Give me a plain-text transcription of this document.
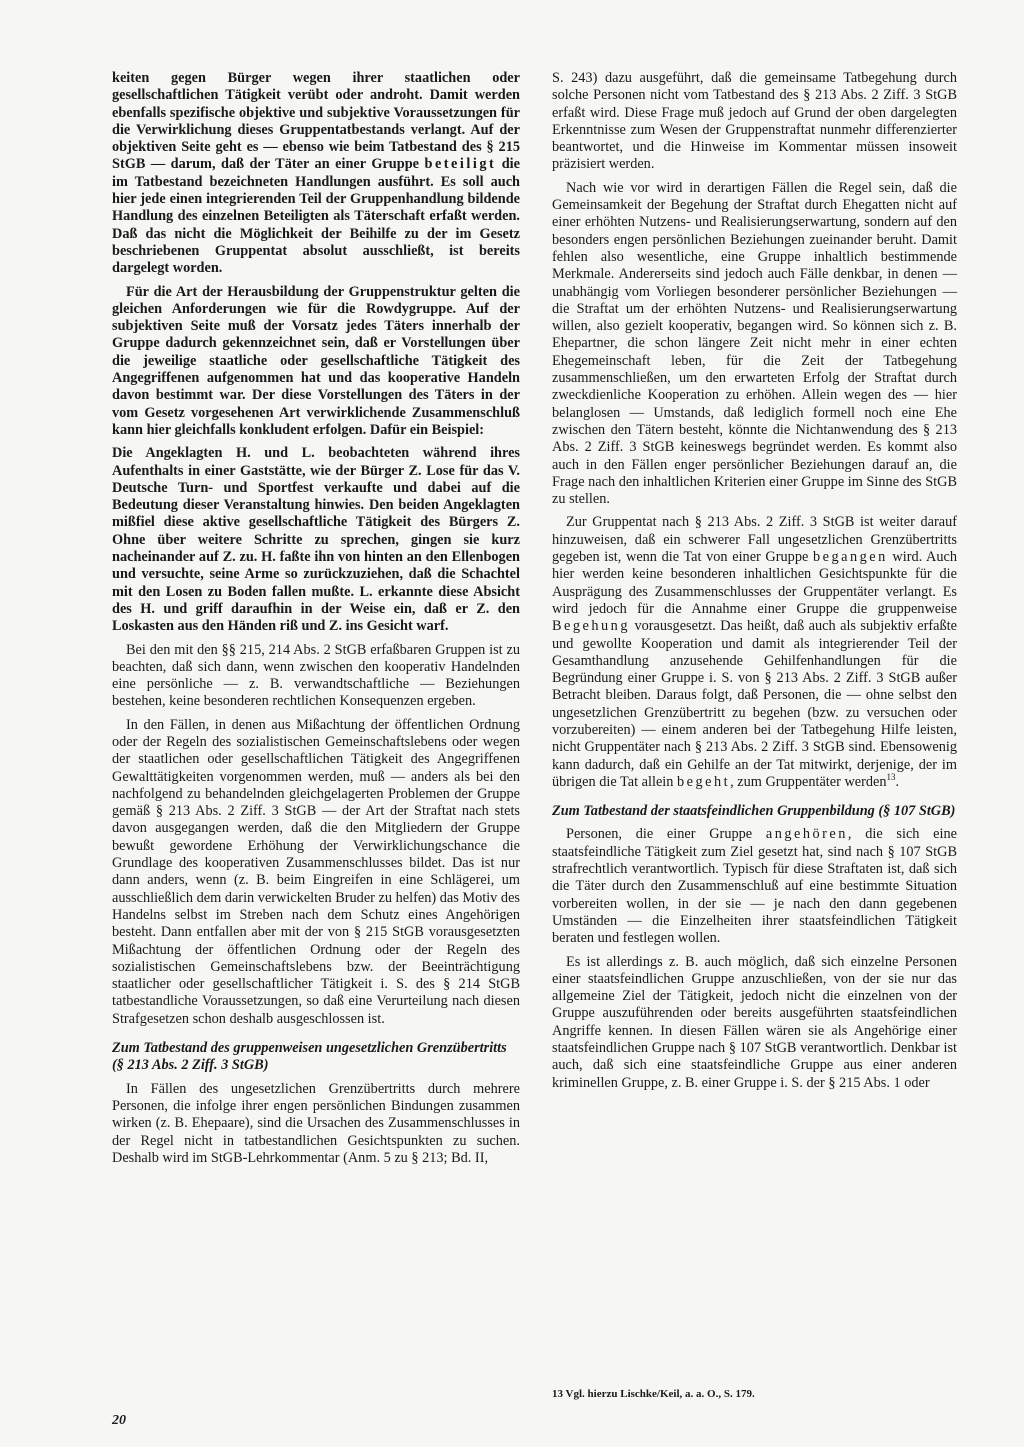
keiten gegen Bürger wegen ihrer staatlichen oder gesellschaftlichen Tätigkeit verübt oder androht. Damit werden ebenfalls spezifische objektive und subjektive Voraussetzungen für die Verwirklichung dieses Gruppentatbestands verlangt. Auf der objektiven Seite geht es — ebenso wie beim Tatbestand des § 215 StGB — darum, daß der Täter an einer Gruppe beteiligt die im Tatbestand bezeichneten Handlungen ausführt. Es soll auch hier jede einen integrierenden Teil der Gruppenhandlung bildende Handlung des einzelnen Beteiligten als Täterschaft erfaßt werden. Daß das nicht die Möglichkeit der Beihilfe zu der im Gesetz beschriebenen Gruppentat absolut ausschließt, ist bereits dargelegt worden.

Für die Art der Herausbildung der Gruppenstruktur gelten die gleichen Anforderungen wie für die Rowdygruppe. Auf der subjektiven Seite muß der Vorsatz jedes Täters innerhalb der Gruppe dadurch gekennzeichnet sein, daß er Vorstellungen über die jeweilige staatliche oder gesellschaftliche Tätigkeit des Angegriffenen aufgenommen hat und das kooperative Handeln davon bestimmt war. Der diese Vorstellungen des Täters in der vom Gesetz vorgesehenen Art verwirklichende Zusammenschluß kann hier gleichfalls konkludent erfolgen. Dafür ein Beispiel:

Die Angeklagten H. und L. beobachteten während ihres Aufenthalts in einer Gaststätte, wie der Bürger Z. Lose für das V. Deutsche Turn- und Sportfest verkaufte und dabei auf die Bedeutung dieser Veranstaltung hinwies. Den beiden Angeklagten mißfiel diese aktive gesellschaftliche Tätigkeit des Bürgers Z. Ohne über weitere Schritte zu sprechen, gingen sie kurz nacheinander auf Z. zu. H. faßte ihn von hinten an den Ellenbogen und versuchte, seine Arme so zurückzuziehen, daß die Schachtel mit den Losen zu Boden fallen mußte. L. erkannte diese Absicht des H. und griff daraufhin in der Weise ein, daß er Z. den Loskasten aus den Händen riß und Z. ins Gesicht warf.

Bei den mit den §§ 215, 214 Abs. 2 StGB erfaßbaren Gruppen ist zu beachten, daß sich dann, wenn zwischen den kooperativ Handelnden eine persönliche — z. B. verwandtschaftliche — Beziehungen bestehen, keine besonderen rechtlichen Konsequenzen ergeben.

In den Fällen, in denen aus Mißachtung der öffentlichen Ordnung oder der Regeln des sozialistischen Gemeinschaftslebens oder wegen der staatlichen oder gesellschaftlichen Tätigkeit des Angegriffenen Gewalttätigkeiten vorgenommen werden, muß — anders als bei den nachfolgend zu behandelnden gleichgelagerten Problemen der Gruppe gemäß § 213 Abs. 2 Ziff. 3 StGB — der Art der Straftat nach stets davon ausgegangen werden, daß die den Mitgliedern der Gruppe bewußt gewordene Erhöhung der Verwirklichungschance die Grundlage des kooperativen Zusammenschlusses bildet. Das ist nur dann anders, wenn (z. B. beim Eingreifen in eine Schlägerei, um ausschließlich dem darin verwickelten Bruder zu helfen) das Motiv des Handelns selbst im Streben nach dem Schutz eines Angehörigen besteht. Dann entfallen aber mit der von § 215 StGB vorausgesetzten Mißachtung der öffentlichen Ordnung oder der Regeln des sozialistischen Gemeinschaftslebens bzw. der Beeinträchtigung staatlicher oder gesellschaftlicher Tätigkeit i. S. des § 214 StGB tatbestandliche Voraussetzungen, so daß eine Verurteilung nach diesen Strafgesetzen schon deshalb ausgeschlossen ist.

Zum Tatbestand des gruppenweisen ungesetzlichen Grenzübertritts (§ 213 Abs. 2 Ziff. 3 StGB)

In Fällen des ungesetzlichen Grenzübertritts durch mehrere Personen, die infolge ihrer engen persönlichen Bindungen zusammen wirken (z. B. Ehepaare), sind die Ursachen des Zusammenschlusses in der Regel nicht in tatbestandlichen Gesichtspunkten zu suchen. Deshalb wird im StGB-Lehrkommentar (Anm. 5 zu § 213; Bd. II,

S. 243) dazu ausgeführt, daß die gemeinsame Tatbegehung durch solche Personen nicht vom Tatbestand des § 213 Abs. 2 Ziff. 3 StGB erfaßt wird. Diese Frage muß jedoch auf Grund der oben dargelegten Erkenntnisse zum Wesen der Gruppenstraftat nunmehr differenzierter beantwortet, und die Hinweise im Kommentar müssen insoweit präzisiert werden.

Nach wie vor wird in derartigen Fällen die Regel sein, daß die Gemeinsamkeit der Begehung der Straftat durch Ehegatten nicht auf einer erhöhten Nutzens- und Realisierungserwartung, sondern auf den besonders engen persönlichen Beziehungen zueinander beruht. Damit fehlen also wesentliche, eine Gruppe inhaltlich bestimmende Merkmale. Andererseits sind jedoch auch Fälle denkbar, in denen — unabhängig vom Vorliegen besonderer persönlicher Beziehungen — die Straftat um der erhöhten Nutzens- und Realisierungserwartung willen, also gezielt kooperativ, begangen wird. So können sich z. B. Ehepartner, die schon längere Zeit nicht mehr in einer echten Ehegemeinschaft leben, für die Zeit der Tatbegehung zusammenschließen, um den erwarteten Erfolg der Straftat durch zweckdienliche Kooperation zu erhöhen. Allein wegen des — hier belanglosen — Umstands, daß lediglich formell noch eine Ehe zwischen den Tätern besteht, könnte die Nichtanwendung des § 213 Abs. 2 Ziff. 3 StGB keineswegs begründet werden. Es kommt also auch in den Fällen enger persönlicher Beziehungen darauf an, die Frage nach den inhaltlichen Kriterien einer Gruppe im Sinne des StGB zu stellen.

Zur Gruppentat nach § 213 Abs. 2 Ziff. 3 StGB ist weiter darauf hinzuweisen, daß ein schwerer Fall ungesetzlichen Grenzübertritts gegeben ist, wenn die Tat von einer Gruppe begangen wird. Auch hier werden keine besonderen inhaltlichen Gesichtspunkte für die Ausprägung des Zusammenschlusses der Gruppentäter verlangt. Es wird jedoch für die Annahme einer Gruppe die gruppenweise Begehung vorausgesetzt. Das heißt, daß auch als subjektiv erfaßte und gewollte Kooperation und damit als integrierender Teil der Gesamthandlung anzusehende Gehilfenhandlungen für die Begründung einer Gruppe i. S. von § 213 Abs. 2 Ziff. 3 StGB außer Betracht bleiben. Daraus folgt, daß Personen, die — ohne selbst den ungesetzlichen Grenzübertritt zu begehen (bzw. zu versuchen oder vorzubereiten) — einem anderen bei der Tatbegehung Hilfe leisten, nicht Gruppentäter nach § 213 Abs. 2 Ziff. 3 StGB sind. Ebensowenig kann dadurch, daß ein Gehilfe an der Tat mitwirkt, derjenige, der im übrigen die Tat allein begeht, zum Gruppentäter werden$^{13}$.

Zum Tatbestand der staatsfeindlichen Gruppenbildung (§ 107 StGB)

Personen, die einer Gruppe angehören, die sich eine staatsfeindliche Tätigkeit zum Ziel gesetzt hat, sind nach § 107 StGB strafrechtlich verantwortlich. Typisch für diese Straftaten ist, daß sich die Täter durch den Zusammenschluß auf eine bestimmte Situation vorbereiten wollen, in der sie — je nach den dann gegebenen Umständen — die Einzelheiten ihrer staatsfeindlichen Tätigkeit beraten und festlegen wollen.

Es ist allerdings z. B. auch möglich, daß sich einzelne Personen einer staatsfeindlichen Gruppe anzuschließen, von der sie nur das allgemeine Ziel der Tätigkeit, jedoch nicht die einzelnen von der Gruppe auszuführenden oder bereits ausgeführten staatsfeindlichen Angriffe kennen. In diesen Fällen wären sie als Angehörige einer staatsfeindlichen Gruppe nach § 107 StGB verantwortlich. Denkbar ist auch, daß sich eine staatsfeindliche Gruppe aus einer anderen kriminellen Gruppe, z. B. einer Gruppe i. S. der § 215 Abs. 1 oder

13 Vgl. hierzu Lischke/Keil, a. a. O., S. 179.
20
